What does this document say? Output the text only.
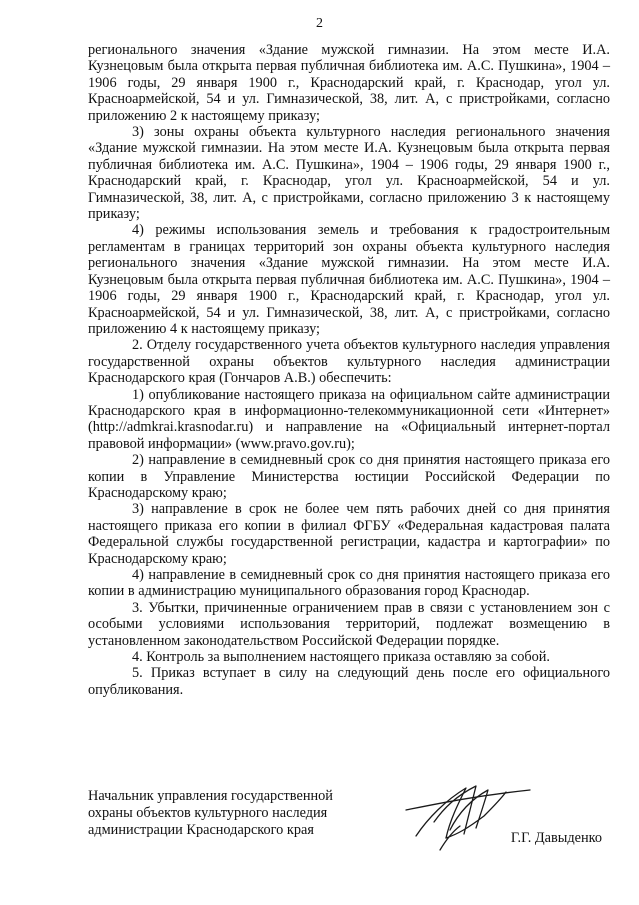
2

регионального значения «Здание мужской гимназии. На этом месте И.А. Кузнецовым была открыта первая публичная библиотека им. А.С. Пушкина», 1904 – 1906 годы, 29 января 1900 г., Краснодарский край, г. Краснодар, угол ул. Красноармейской, 54 и ул. Гимназической, 38, лит. А, с пристройками, согласно приложению 2 к настоящему приказу;

3) зоны охраны объекта культурного наследия регионального значения «Здание мужской гимназии. На этом месте И.А. Кузнецовым была открыта первая публичная библиотека им. А.С. Пушкина», 1904 – 1906 годы, 29 января 1900 г., Краснодарский край, г. Краснодар, угол ул. Красноармейской, 54 и ул. Гимназической, 38, лит. А, с пристройками, согласно приложению 3 к настоящему приказу;

4) режимы использования земель и требования к градостроительным регламентам в границах территорий зон охраны объекта культурного наследия регионального значения «Здание мужской гимназии. На этом месте И.А. Кузнецовым была открыта первая публичная библиотека им. А.С. Пушкина», 1904 – 1906 годы, 29 января 1900 г., Краснодарский край, г. Краснодар, угол ул. Красноармейской, 54 и ул. Гимназической, 38, лит. А, с пристройками, согласно приложению 4 к настоящему приказу;

2. Отделу государственного учета объектов культурного наследия управления государственной охраны объектов культурного наследия администрации Краснодарского края (Гончаров А.В.) обеспечить:

1) опубликование настоящего приказа на официальном сайте администрации Краснодарского края в информационно-телекоммуникационной сети «Интернет» (http://admkrai.krasnodar.ru) и направление на «Официальный интернет-портал правовой информации» (www.pravo.gov.ru);

2) направление в семидневный срок со дня принятия настоящего приказа его копии в Управление Министерства юстиции Российской Федерации по Краснодарскому краю;

3) направление в срок не более чем пять рабочих дней со дня принятия настоящего приказа его копии в филиал ФГБУ «Федеральная кадастровая палата Федеральной службы государственной регистрации, кадастра и картографии» по Краснодарскому краю;

4) направление в семидневный срок со дня принятия настоящего приказа его копии в администрацию муниципального образования город Краснодар.

3. Убытки, причиненные ограничением прав в связи с установлением зон с особыми условиями использования территорий, подлежат возмещению в установленном законодательством Российской Федерации порядке.

4. Контроль за выполнением настоящего приказа оставляю за собой.

5. Приказ вступает в силу на следующий день после его официального опубликования.

Начальник управления государственной
охраны объектов культурного наследия
администрации Краснодарского края	Г.Г. Давыденко
